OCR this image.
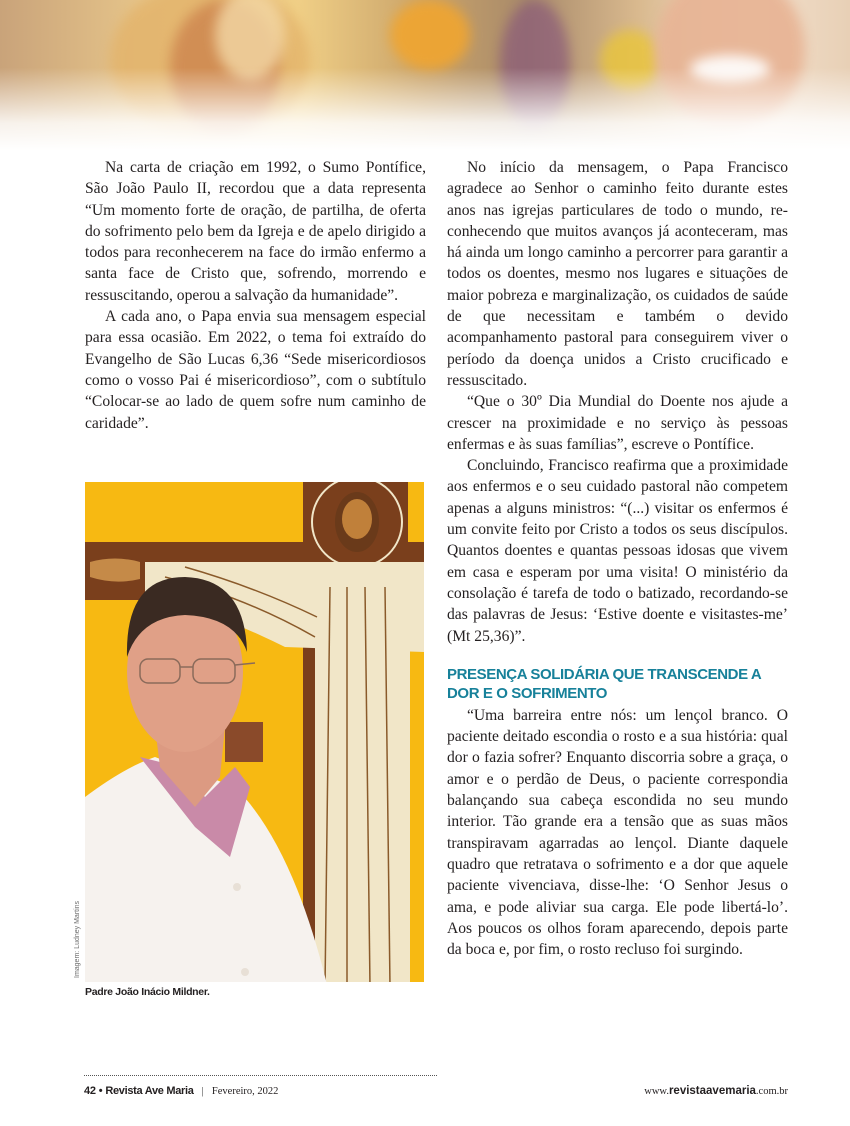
Na carta de criação em 1992, o Sumo Pontífice, São João Paulo II, recordou que a data representa “Um momento forte de oração, de partilha, de oferta do sofrimento pelo bem da Igreja e de apelo dirigido a todos para reconhecerem na face do irmão enfermo a santa face de Cristo que, sofrendo, morrendo e ressuscitando, operou a salvação da humanidade”.

A cada ano, o Papa envia sua mensagem especial para essa ocasião. Em 2022, o tema foi extraído do Evangelho de São Lucas 6,36 “Sede misericordiosos como o vosso Pai é misericordioso”, com o subtítulo “Colocar-se ao lado de quem sofre num caminho de caridade”.

Imagem: Ludney Martins
Padre João Inácio Mildner.

No início da mensagem, o Papa Francisco agradece ao Senhor o caminho feito durante estes anos nas igrejas particulares de todo o mundo, reconhecendo que muitos avanços já aconteceram, mas há ainda um longo caminho a percorrer para garantir a todos os doentes, mesmo nos lugares e situações de maior pobreza e marginalização, os cuidados de saúde de que necessitam e também o devido acompanhamento pastoral para conseguirem viver o período da doença unidos a Cristo crucificado e ressuscitado.

“Que o 30º Dia Mundial do Doente nos ajude a crescer na proximidade e no serviço às pessoas enfermas e às suas famílias”, escreve o Pontífice.

Concluindo, Francisco reafirma que a proximidade aos enfermos e o seu cuidado pastoral não competem apenas a alguns ministros: “(...) visitar os enfermos é um convite feito por Cristo a todos os seus discípulos. Quantos doentes e quantas pessoas idosas que vivem em casa e esperam por uma visita! O ministério da consolação é tarefa de todo o batizado, recordando-se das palavras de Jesus: ‘Estive doente e visitastes-me’ (Mt 25,36)”.

PRESENÇA SOLIDÁRIA QUE TRANSCENDE A DOR E O SOFRIMENTO

“Uma barreira entre nós: um lençol branco. O paciente deitado escondia o rosto e a sua história: qual dor o fazia sofrer? Enquanto discorria sobre a graça, o amor e o perdão de Deus, o paciente correspondia balançando sua cabeça escondida no seu mundo interior. Tão grande era a tensão que as suas mãos transpiravam agarradas ao lençol. Diante daquele quadro que retratava o sofrimento e a dor que aquele paciente vivenciava, disse-lhe: ‘O Senhor Jesus o ama, e pode aliviar sua carga. Ele pode libertá-lo’. Aos poucos os olhos foram aparecendo, depois parte da boca e, por fim, o rosto recluso foi surgindo.

42 • Revista Ave Maria | Fevereiro, 2022	www.revistaavemaria.com.br
